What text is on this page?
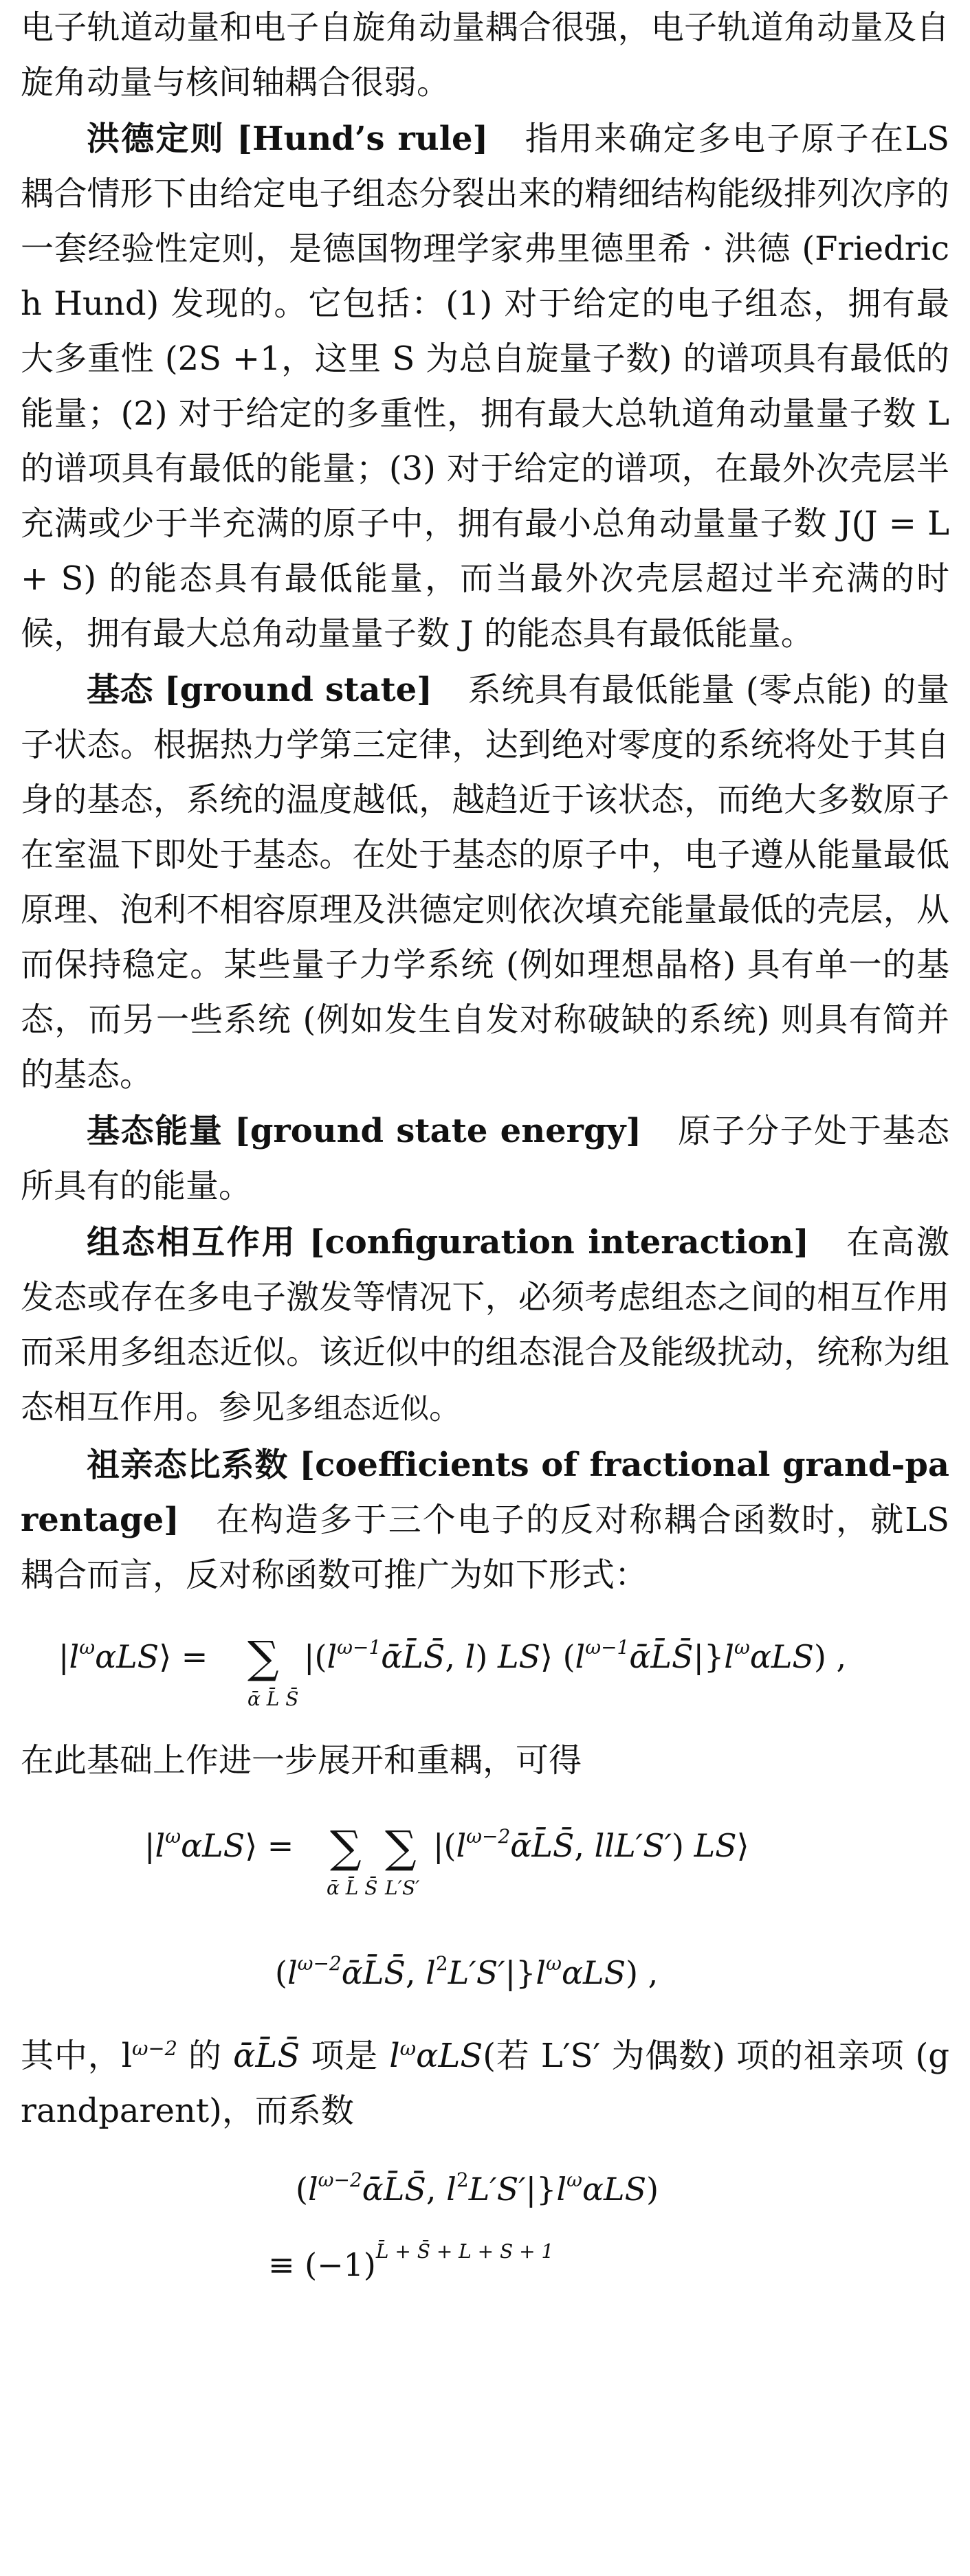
电子轨道动量和电子自旋角动量耦合很强，电子轨道角动量及自旋角动量与核间轴耦合很弱。

洪德定则 [Hund’s rule] 指用来确定多电子原子在LS 耦合情形下由给定电子组态分裂出来的精细结构能级排列次序的一套经验性定则，是德国物理学家弗里德里希 · 洪德 (Friedrich Hund) 发现的。它包括：(1) 对于给定的电子组态，拥有最大多重性 (2S +1，这里 S 为总自旋量子数) 的谱项具有最低的能量；(2) 对于给定的多重性，拥有最大总轨道角动量量子数 L 的谱项具有最低的能量；(3) 对于给定的谱项，在最外次壳层半充满或少于半充满的原子中，拥有最小总角动量量子数 J(J = L + S) 的能态具有最低能量，而当最外次壳层超过半充满的时候，拥有最大总角动量量子数 J 的能态具有最低能量。

基态 [ground state] 系统具有最低能量 (零点能) 的量子状态。根据热力学第三定律，达到绝对零度的系统将处于其自身的基态，系统的温度越低，越趋近于该状态，而绝大多数原子在室温下即处于基态。在处于基态的原子中，电子遵从能量最低原理、泡利不相容原理及洪德定则依次填充能量最低的壳层，从而保持稳定。某些量子力学系统 (例如理想晶格) 具有单一的基态，而另一些系统 (例如发生自发对称破缺的系统) 则具有简并的基态。

基态能量 [ground state energy] 原子分子处于基态所具有的能量。

组态相互作用 [configuration interaction] 在高激发态或存在多电子激发等情况下，必须考虑组态之间的相互作用而采用多组态近似。该近似中的组态混合及能级扰动，统称为组态相互作用。参见多组态近似。

祖亲态比系数 [coefficients of fractional grand-parentage] 在构造多于三个电子的反对称耦合函数时，就LS 耦合而言，反对称函数可推广为如下形式：

$|l^\omega\alpha LS⟩$ = ∑
ᾱ L̄ S̄
$|(l^{\omega-1}ᾱL̄S̄$, l) LS⟩ $(l^{\omega-1}ᾱL̄S̄|\}l^\omega\alpha LS$) ,

在此基础上作进一步展开和重耦，可得

$|l^\omega\alpha LS⟩$ = ∑
ᾱ L̄ S̄
∑
L′S′
$|(l^{\omega-2}ᾱL̄S̄$, llL′S′) LS⟩
($l^{\omega-2}ᾱL̄S̄$, $l^2L'S'|\}l^\omega\alpha LS$) ,

其中，$l^{\omega-2}$ 的 ᾱL̄S̄ 项是 $l^\omega\alpha LS$(若 L′S′ 为偶数) 项的祖亲项 (grandparent)，而系数

($l^{\omega-2}ᾱL̄S̄$, $l^2L'S'|\}l^\omega\alpha LS$)
≡ $(-1)^{L̄ + S̄ + L + S + 1}$
